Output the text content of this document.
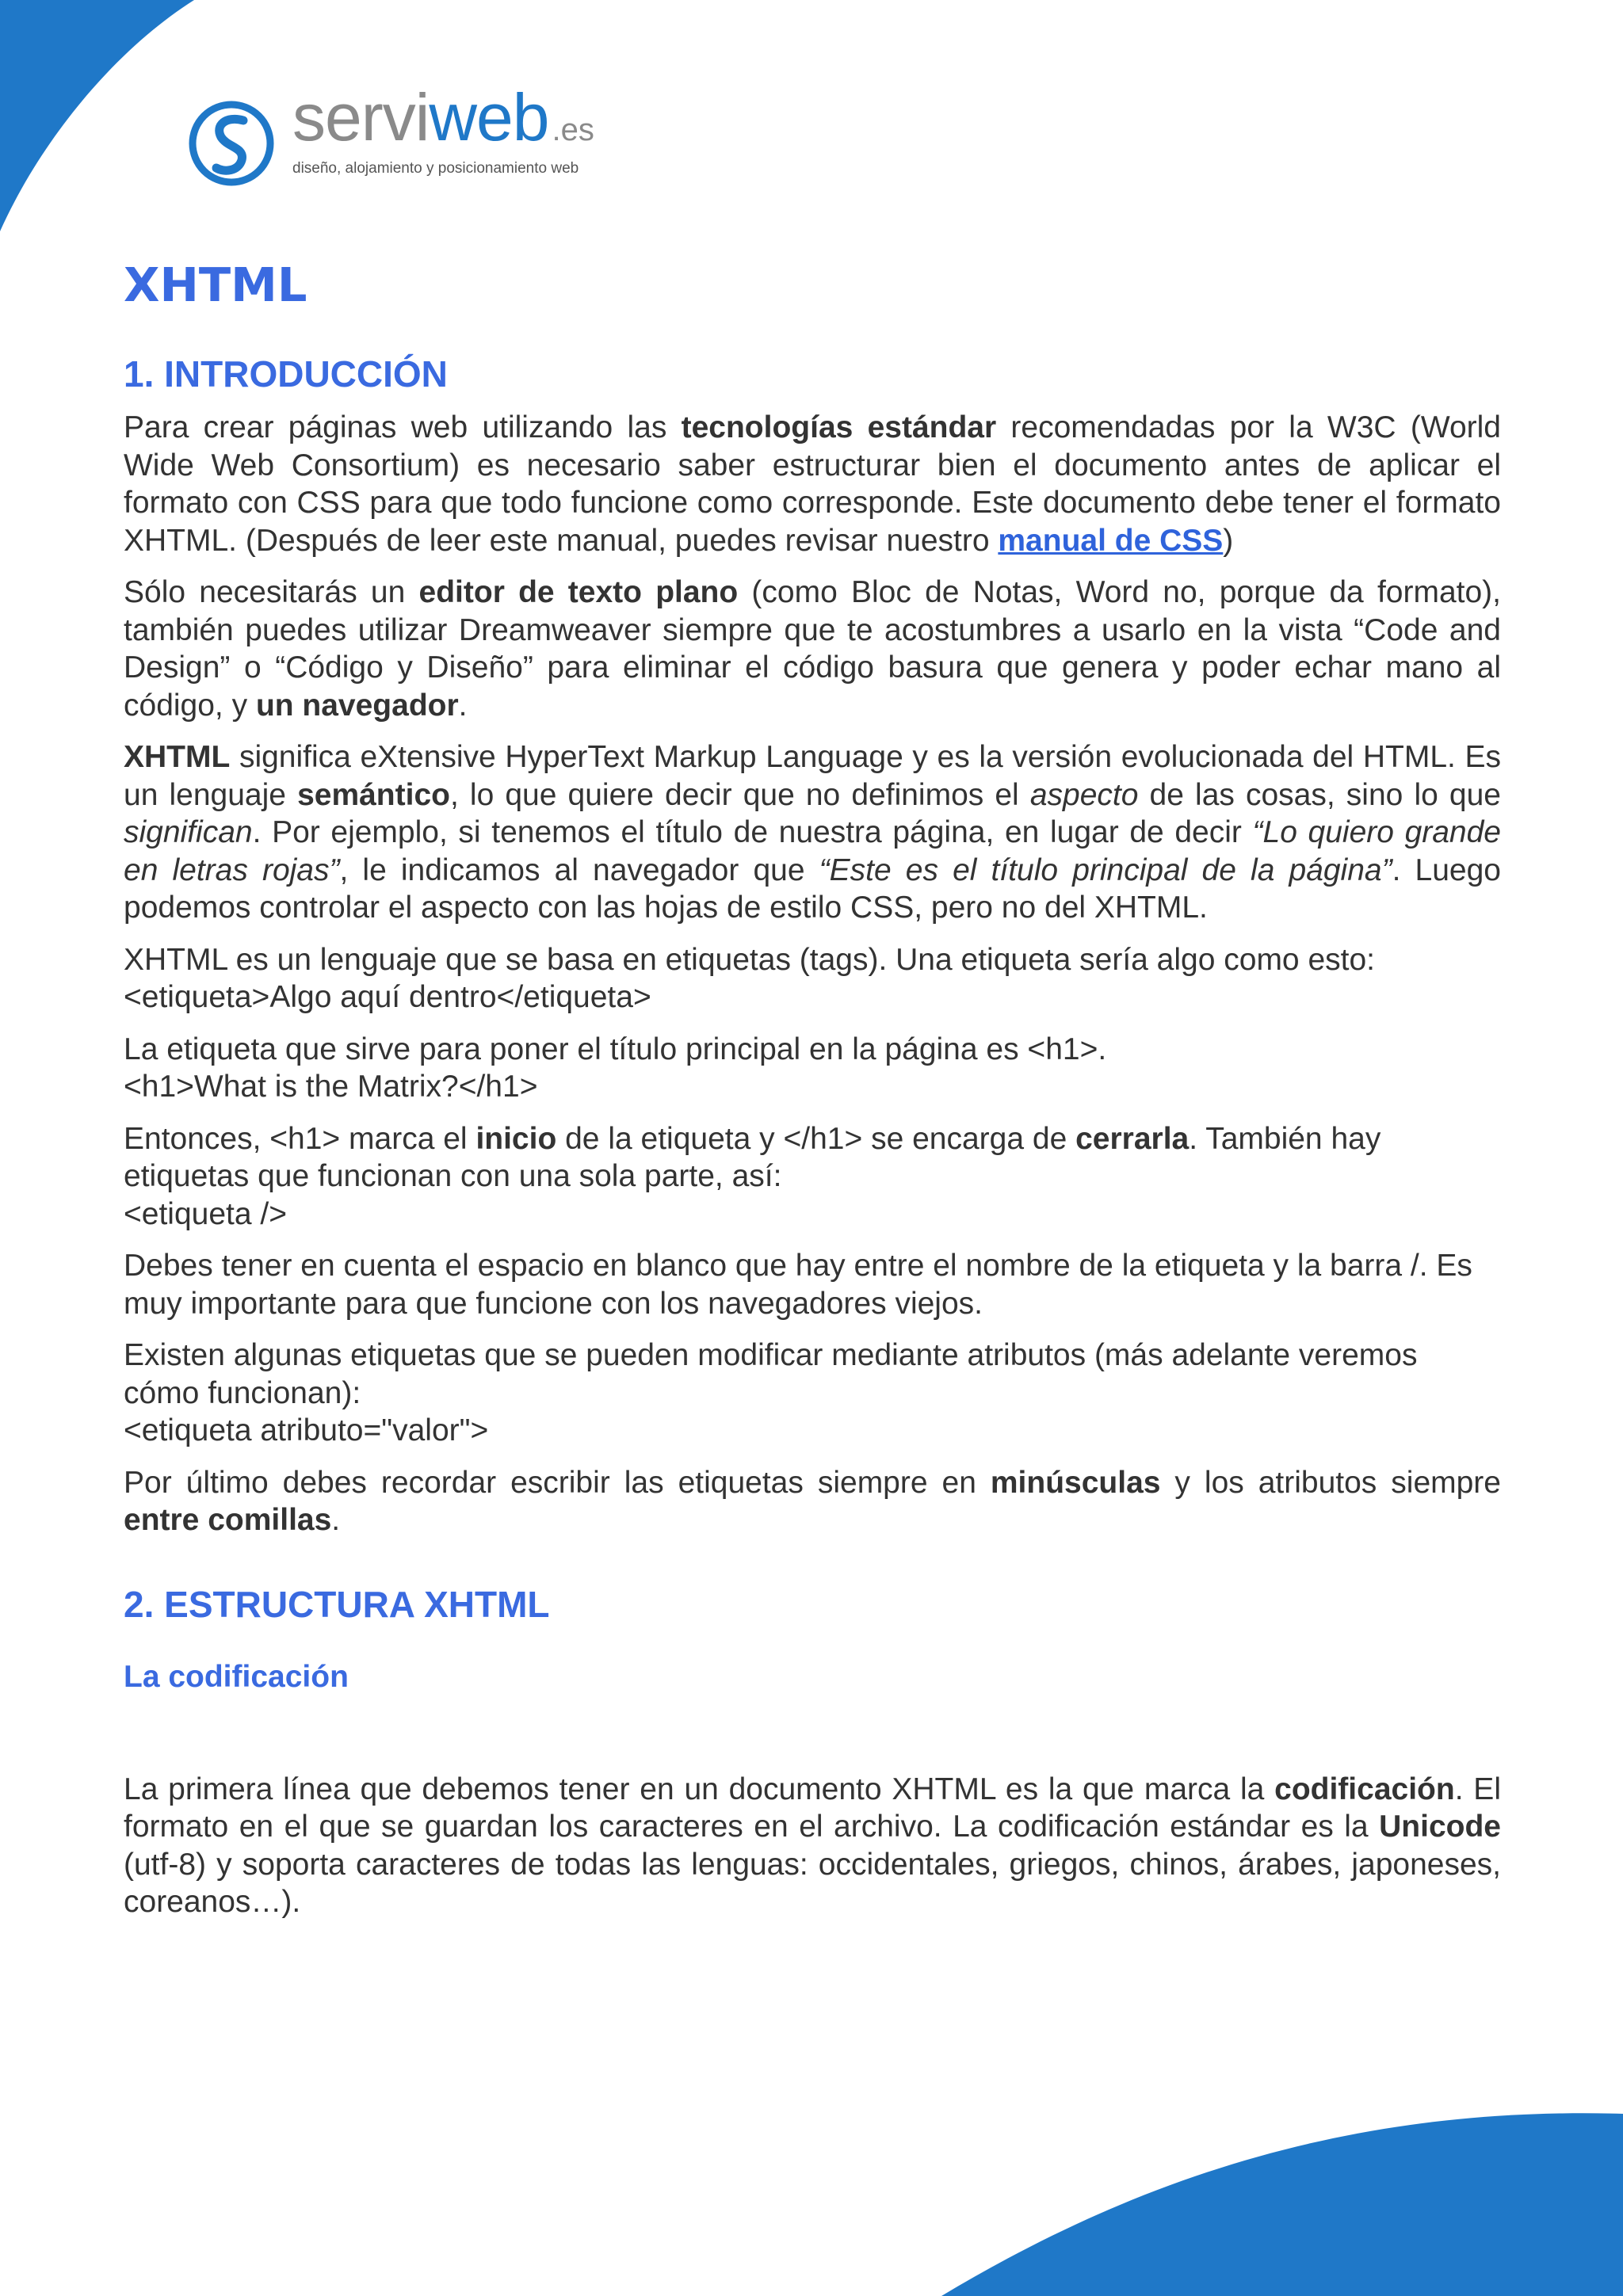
serviweb .es
diseño, alojamiento y posicionamiento web
XHTML
1. INTRODUCCIÓN

Para crear páginas web utilizando las tecnologías estándar recomendadas por la W3C (World Wide Web Consortium) es necesario saber estructurar bien el documento antes de aplicar el formato con CSS para que todo funcione como corresponde. Este documento debe tener el formato XHTML. (Después de leer este manual, puedes revisar nuestro manual de CSS)

Sólo necesitarás un editor de texto plano (como Bloc de Notas, Word no, porque da formato), también puedes utilizar Dreamweaver siempre que te acostumbres a usarlo en la vista “Code and Design” o “Código y Diseño” para eliminar el código basura que genera y poder echar mano al código, y un navegador.

XHTML significa eXtensive HyperText Markup Language y es la versión evolucionada del HTML. Es un lenguaje semántico, lo que quiere decir que no definimos el aspecto de las cosas, sino lo que significan. Por ejemplo, si tenemos el título de nuestra página, en lugar de decir “Lo quiero grande en letras rojas”, le indicamos al navegador que “Este es el título principal de la página”. Luego podemos controlar el aspecto con las hojas de estilo CSS, pero no del XHTML.

XHTML es un lenguaje que se basa en etiquetas (tags). Una etiqueta sería algo como esto:
<etiqueta>Algo aquí dentro</etiqueta>

La etiqueta que sirve para poner el título principal en la página es <h1>.
<h1>What is the Matrix?</h1>

Entonces, <h1> marca el inicio de la etiqueta y </h1> se encarga de cerrarla. También hay etiquetas que funcionan con una sola parte, así:
<etiqueta />

Debes tener en cuenta el espacio en blanco que hay entre el nombre de la etiqueta y la barra /. Es muy importante para que funcione con los navegadores viejos.

Existen algunas etiquetas que se pueden modificar mediante atributos (más adelante veremos cómo funcionan):
<etiqueta atributo="valor">

Por último debes recordar escribir las etiquetas siempre en minúsculas y los atributos siempre entre comillas.

2. ESTRUCTURA XHTML
La codificación

La primera línea que debemos tener en un documento XHTML es la que marca la codificación. El formato en el que se guardan los caracteres en el archivo. La codificación estándar es la Unicode (utf-8) y soporta caracteres de todas las lenguas: occidentales, griegos, chinos, árabes, japoneses, coreanos…).
